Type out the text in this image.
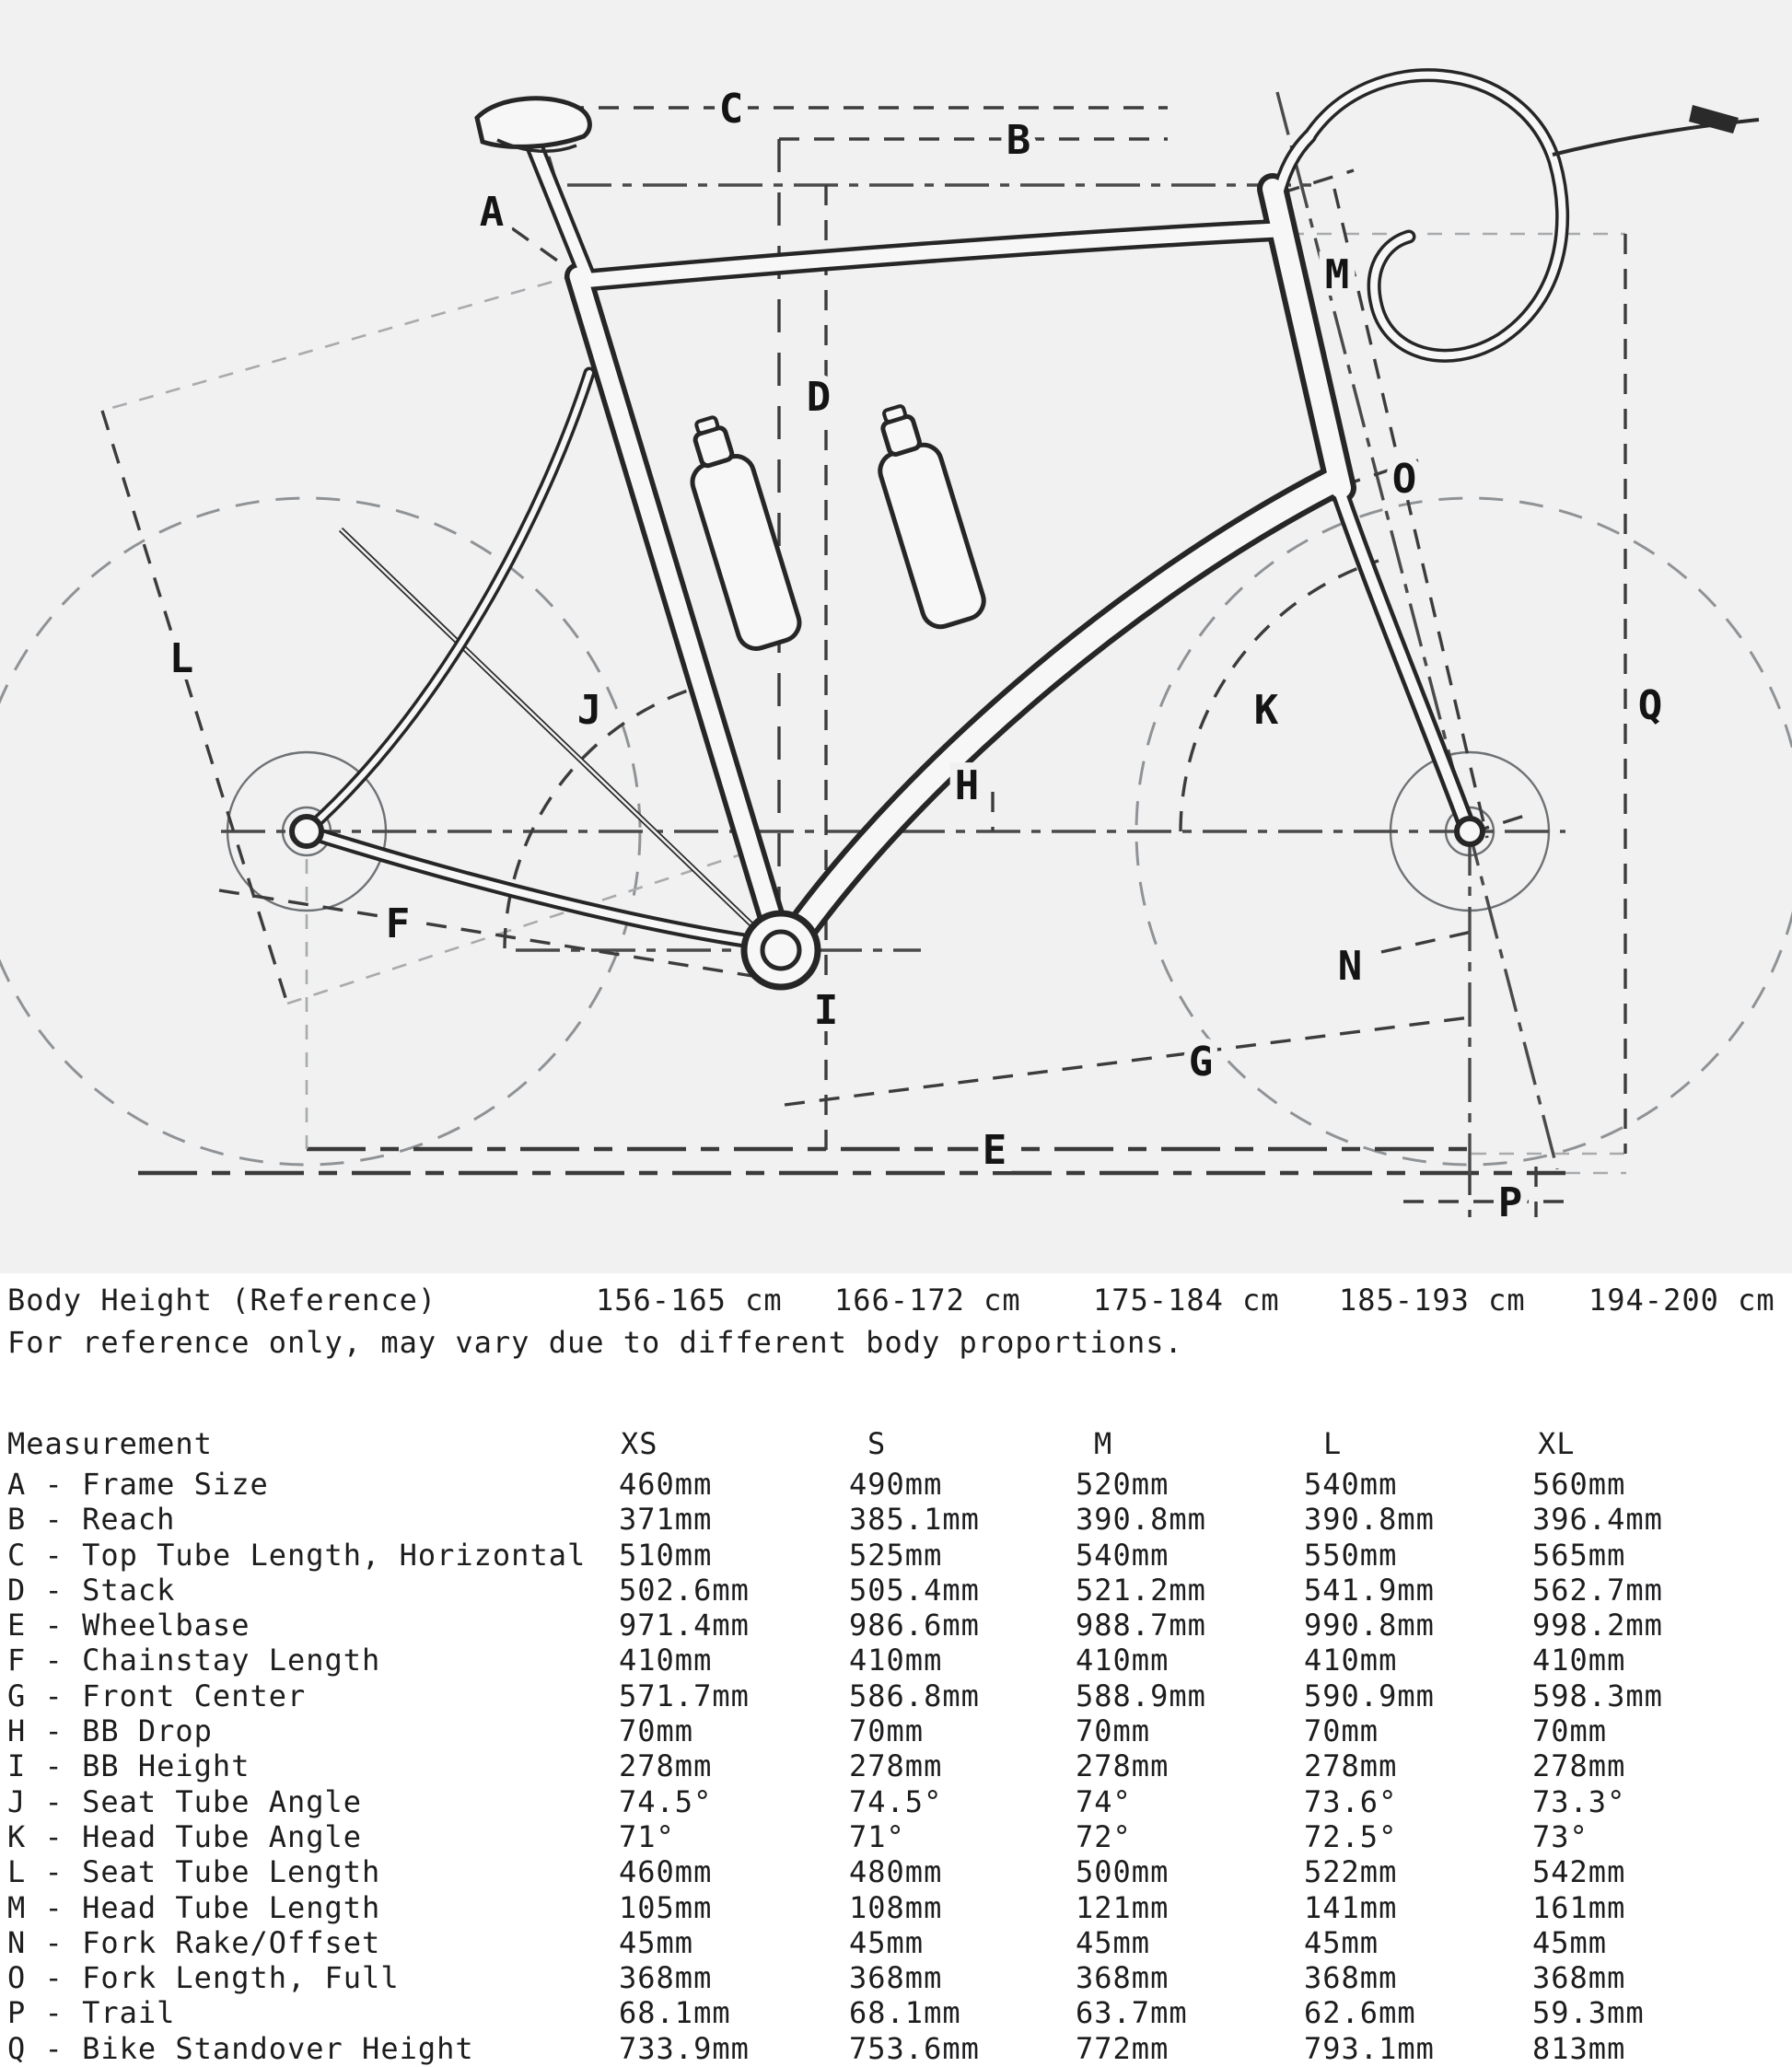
A
B
C
D
E
F
G
H
I
J	K
L
M
N
O
P
Q
Body Height (Reference)	156-165 cm 166-172 cm 175-184 cm 185-193 cm 194-200 cm
For reference only, may vary due to different body proportions.
Measurement	XS	S	M	L	XL
A - Frame Size	460mm	490mm	520mm	540mm	560mm
B - Reach	371mm	385.1mm	390.8mm	390.8mm	396.4mm
C - Top Tube Length, Horizontal 510mm	525mm	540mm	550mm	565mm
D - Stack	502.6mm	505.4mm	521.2mm	541.9mm	562.7mm
E - Wheelbase	971.4mm	986.6mm	988.7mm	990.8mm	998.2mm
F - Chainstay Length	410mm	410mm	410mm	410mm	410mm
G - Front Center	571.7mm	586.8mm	588.9mm	590.9mm	598.3mm
H - BB Drop	70mm	70mm	70mm	70mm	70mm
I - BB Height	278mm	278mm	278mm	278mm	278mm
J - Seat Tube Angle	74.5°	74.5°	74°	73.6°	73.3°
K - Head Tube Angle	71°	71°	72°	72.5°	73°
L - Seat Tube Length	460mm	480mm	500mm	522mm	542mm
M - Head Tube Length	105mm	108mm	121mm	141mm	161mm
N - Fork Rake/Offset	45mm	45mm	45mm	45mm	45mm
O - Fork Length, Full	368mm	368mm	368mm	368mm	368mm
P - Trail	68.1mm	68.1mm	63.7mm	62.6mm	59.3mm
Q - Bike Standover Height	733.9mm	753.6mm	772mm	793.1mm	813mm
